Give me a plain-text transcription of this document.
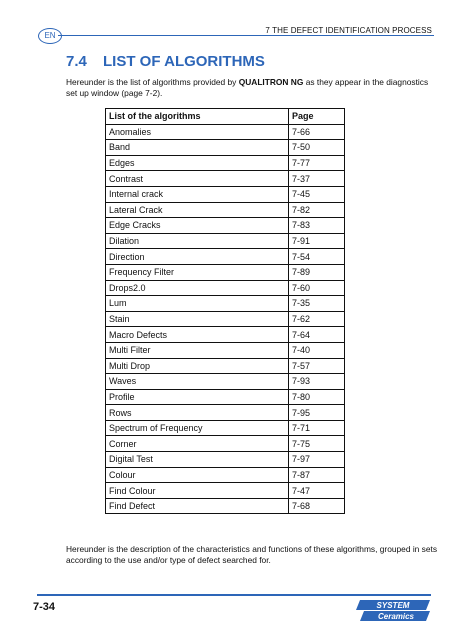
EN
7 THE DEFECT IDENTIFICATION PROCESS
7.4 LIST OF ALGORITHMS
Hereunder is the list of algorithms provided by QUALITRON NG as they appear in the diagnostics set up window (page 7-2).
List of the algorithms	Page
Anomalies	7-66
Band	7-50
Edges	7-77
Contrast	7-37
Internal crack	7-45
Lateral Crack	7-82
Edge Cracks	7-83
Dilation	7-91
Direction	7-54
Frequency Filter	7-89
Drops2.0	7-60
Lum	7-35
Stain	7-62
Macro Defects	7-64
Multi Filter	7-40
Multi Drop	7-57
Waves	7-93
Profile	7-80
Rows	7-95
Spectrum of Frequency	7-71
Corner	7-75
Digital Test	7-97
Colour	7-87
Find Colour	7-47
Find Defect	7-68
Hereunder is the description of the characteristics and functions of these algorithms, grouped in sets according to the use and/or type of defect searched for.
7-34	SYSTEM
Ceramics
